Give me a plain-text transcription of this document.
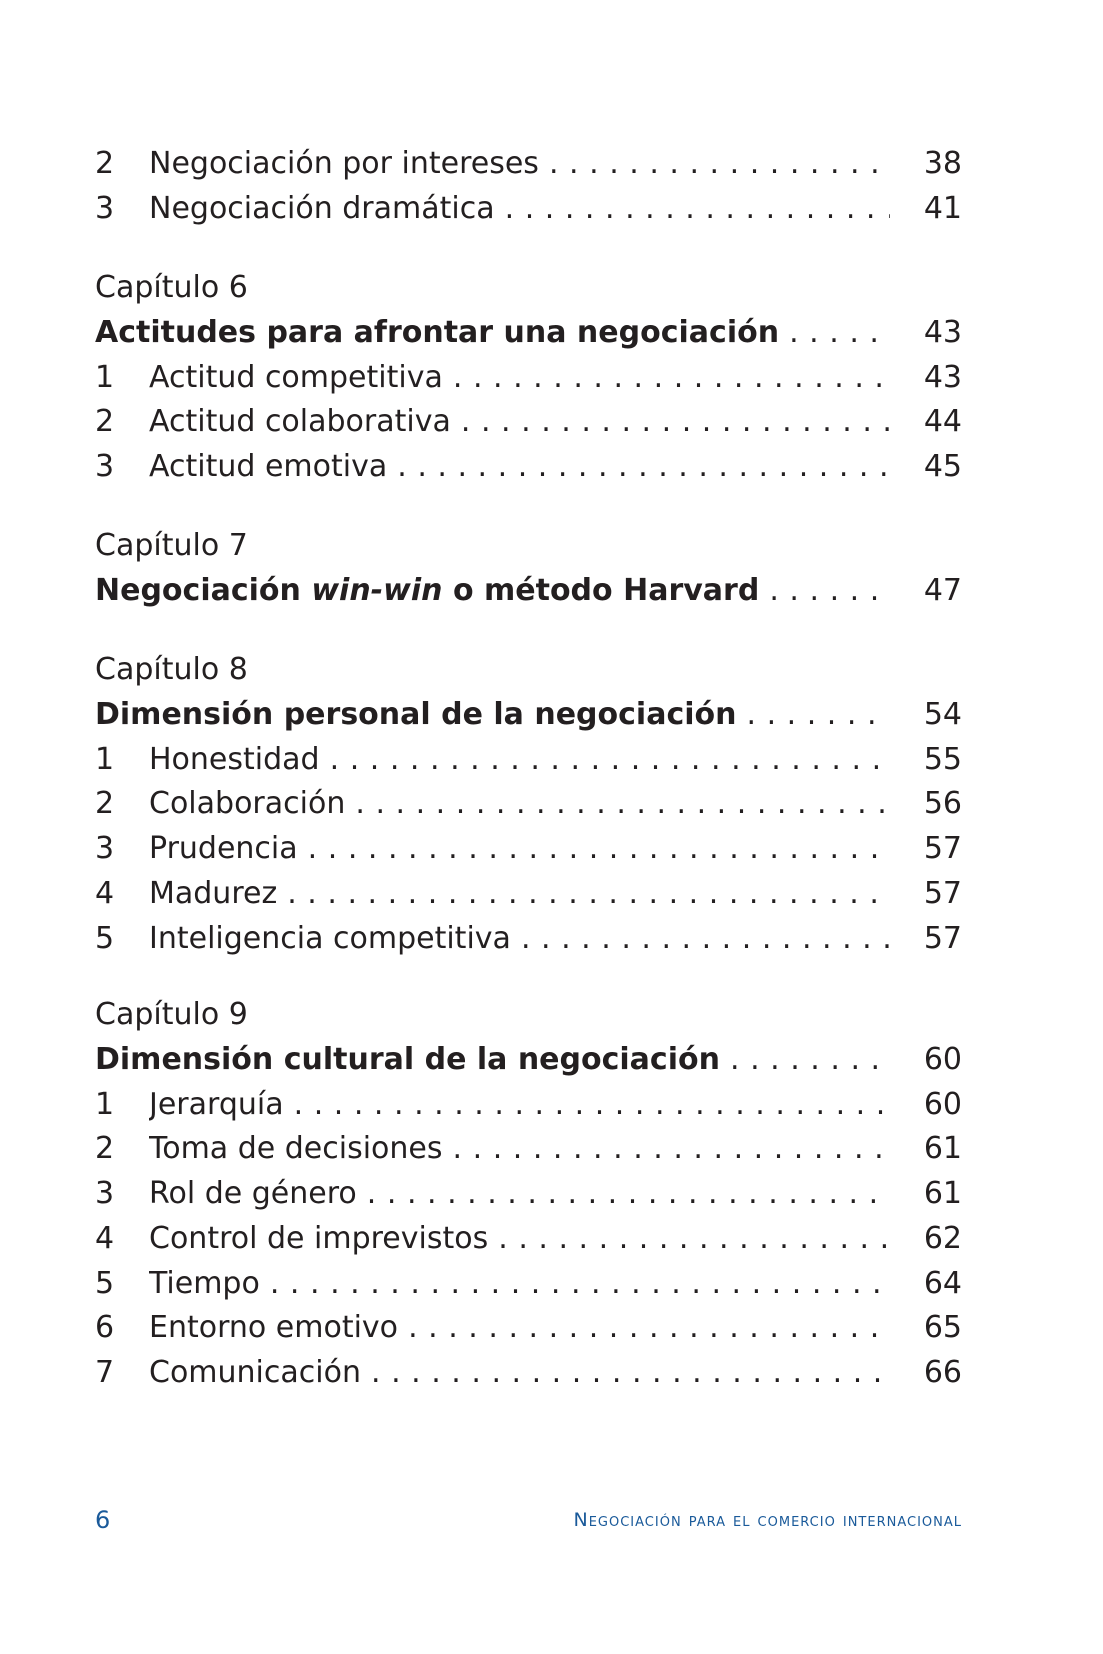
2	Negociación por intereses . . .	38
3	Negociación dramática . . .	41
Capítulo 6
Actitudes para afrontar una negociación . . .	43
1	Actitud competitiva . . .	43
2	Actitud colaborativa . . .	44
3	Actitud emotiva . . .	45
Capítulo 7
Negociación win-win o método Harvard . . .	47
Capítulo 8
Dimensión personal de la negociación . . .	54
1	Honestidad . . .	55
2	Colaboración . . .	56
3	Prudencia . . .	57
4	Madurez . . .	57
5	Inteligencia competitiva . . .	57
Capítulo 9
Dimensión cultural de la negociación . . .	60
1	Jerarquía . . .	60
2	Toma de decisiones . . .	61
3	Rol de género . . .	61
4	Control de imprevistos . . .	62
5	Tiempo . . .	64
6	Entorno emotivo . . .	65
7	Comunicación . . .	66
6	Negociación para el comercio internacional
